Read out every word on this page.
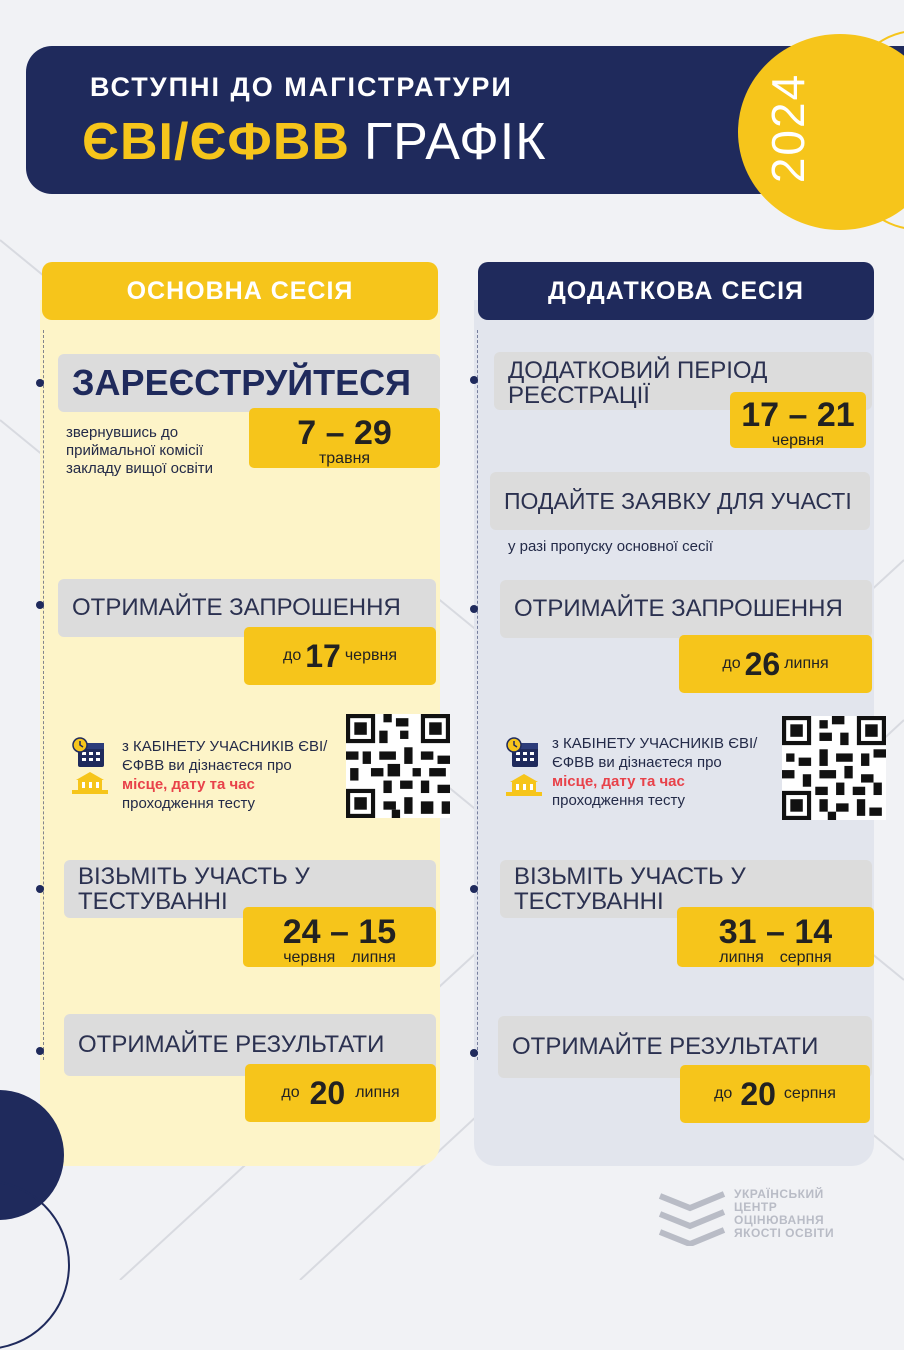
2024
ВСТУПНІ ДО МАГІСТРАТУРИ
ЄВІ/ЄФВВ ГРАФІК
ОСНОВНА СЕСІЯ	ДОДАТКОВА СЕСІЯ
ЗАРЕЄСТРУЙТЕСЯ
звернувшись до
приймальної комісії
закладу вищої освіти
7 – 29
травня
ОТРИМАЙТЕ ЗАПРОШЕННЯ
до 17 червня
з КАБІНЕТУ УЧАСНИКІВ ЄВІ/
ЄФВВ ви дізнаєтеся про
місце, дату та час
проходження тесту
ВІЗЬМІТЬ УЧАСТЬ У
ТЕСТУВАННІ
24 – 15
червня липня
ОТРИМАЙТЕ РЕЗУЛЬТАТИ
до 20 липня
ДОДАТКОВИЙ ПЕРІОД
РЕЄСТРАЦІЇ
17 – 21
червня
ПОДАЙТЕ ЗАЯВКУ ДЛЯ УЧАСТІ
у разі пропуску основної сесії
ОТРИМАЙТЕ ЗАПРОШЕННЯ
до 26 липня
з КАБІНЕТУ УЧАСНИКІВ ЄВІ/
ЄФВВ ви дізнаєтеся про
місце, дату та час
проходження тесту
ВІЗЬМІТЬ УЧАСТЬ У
ТЕСТУВАННІ
31 – 14
липня серпня
ОТРИМАЙТЕ РЕЗУЛЬТАТИ
до 20 серпня
УКРАЇНСЬКИЙ
ЦЕНТР
ОЦІНЮВАННЯ
ЯКОСТІ ОСВІТИ
